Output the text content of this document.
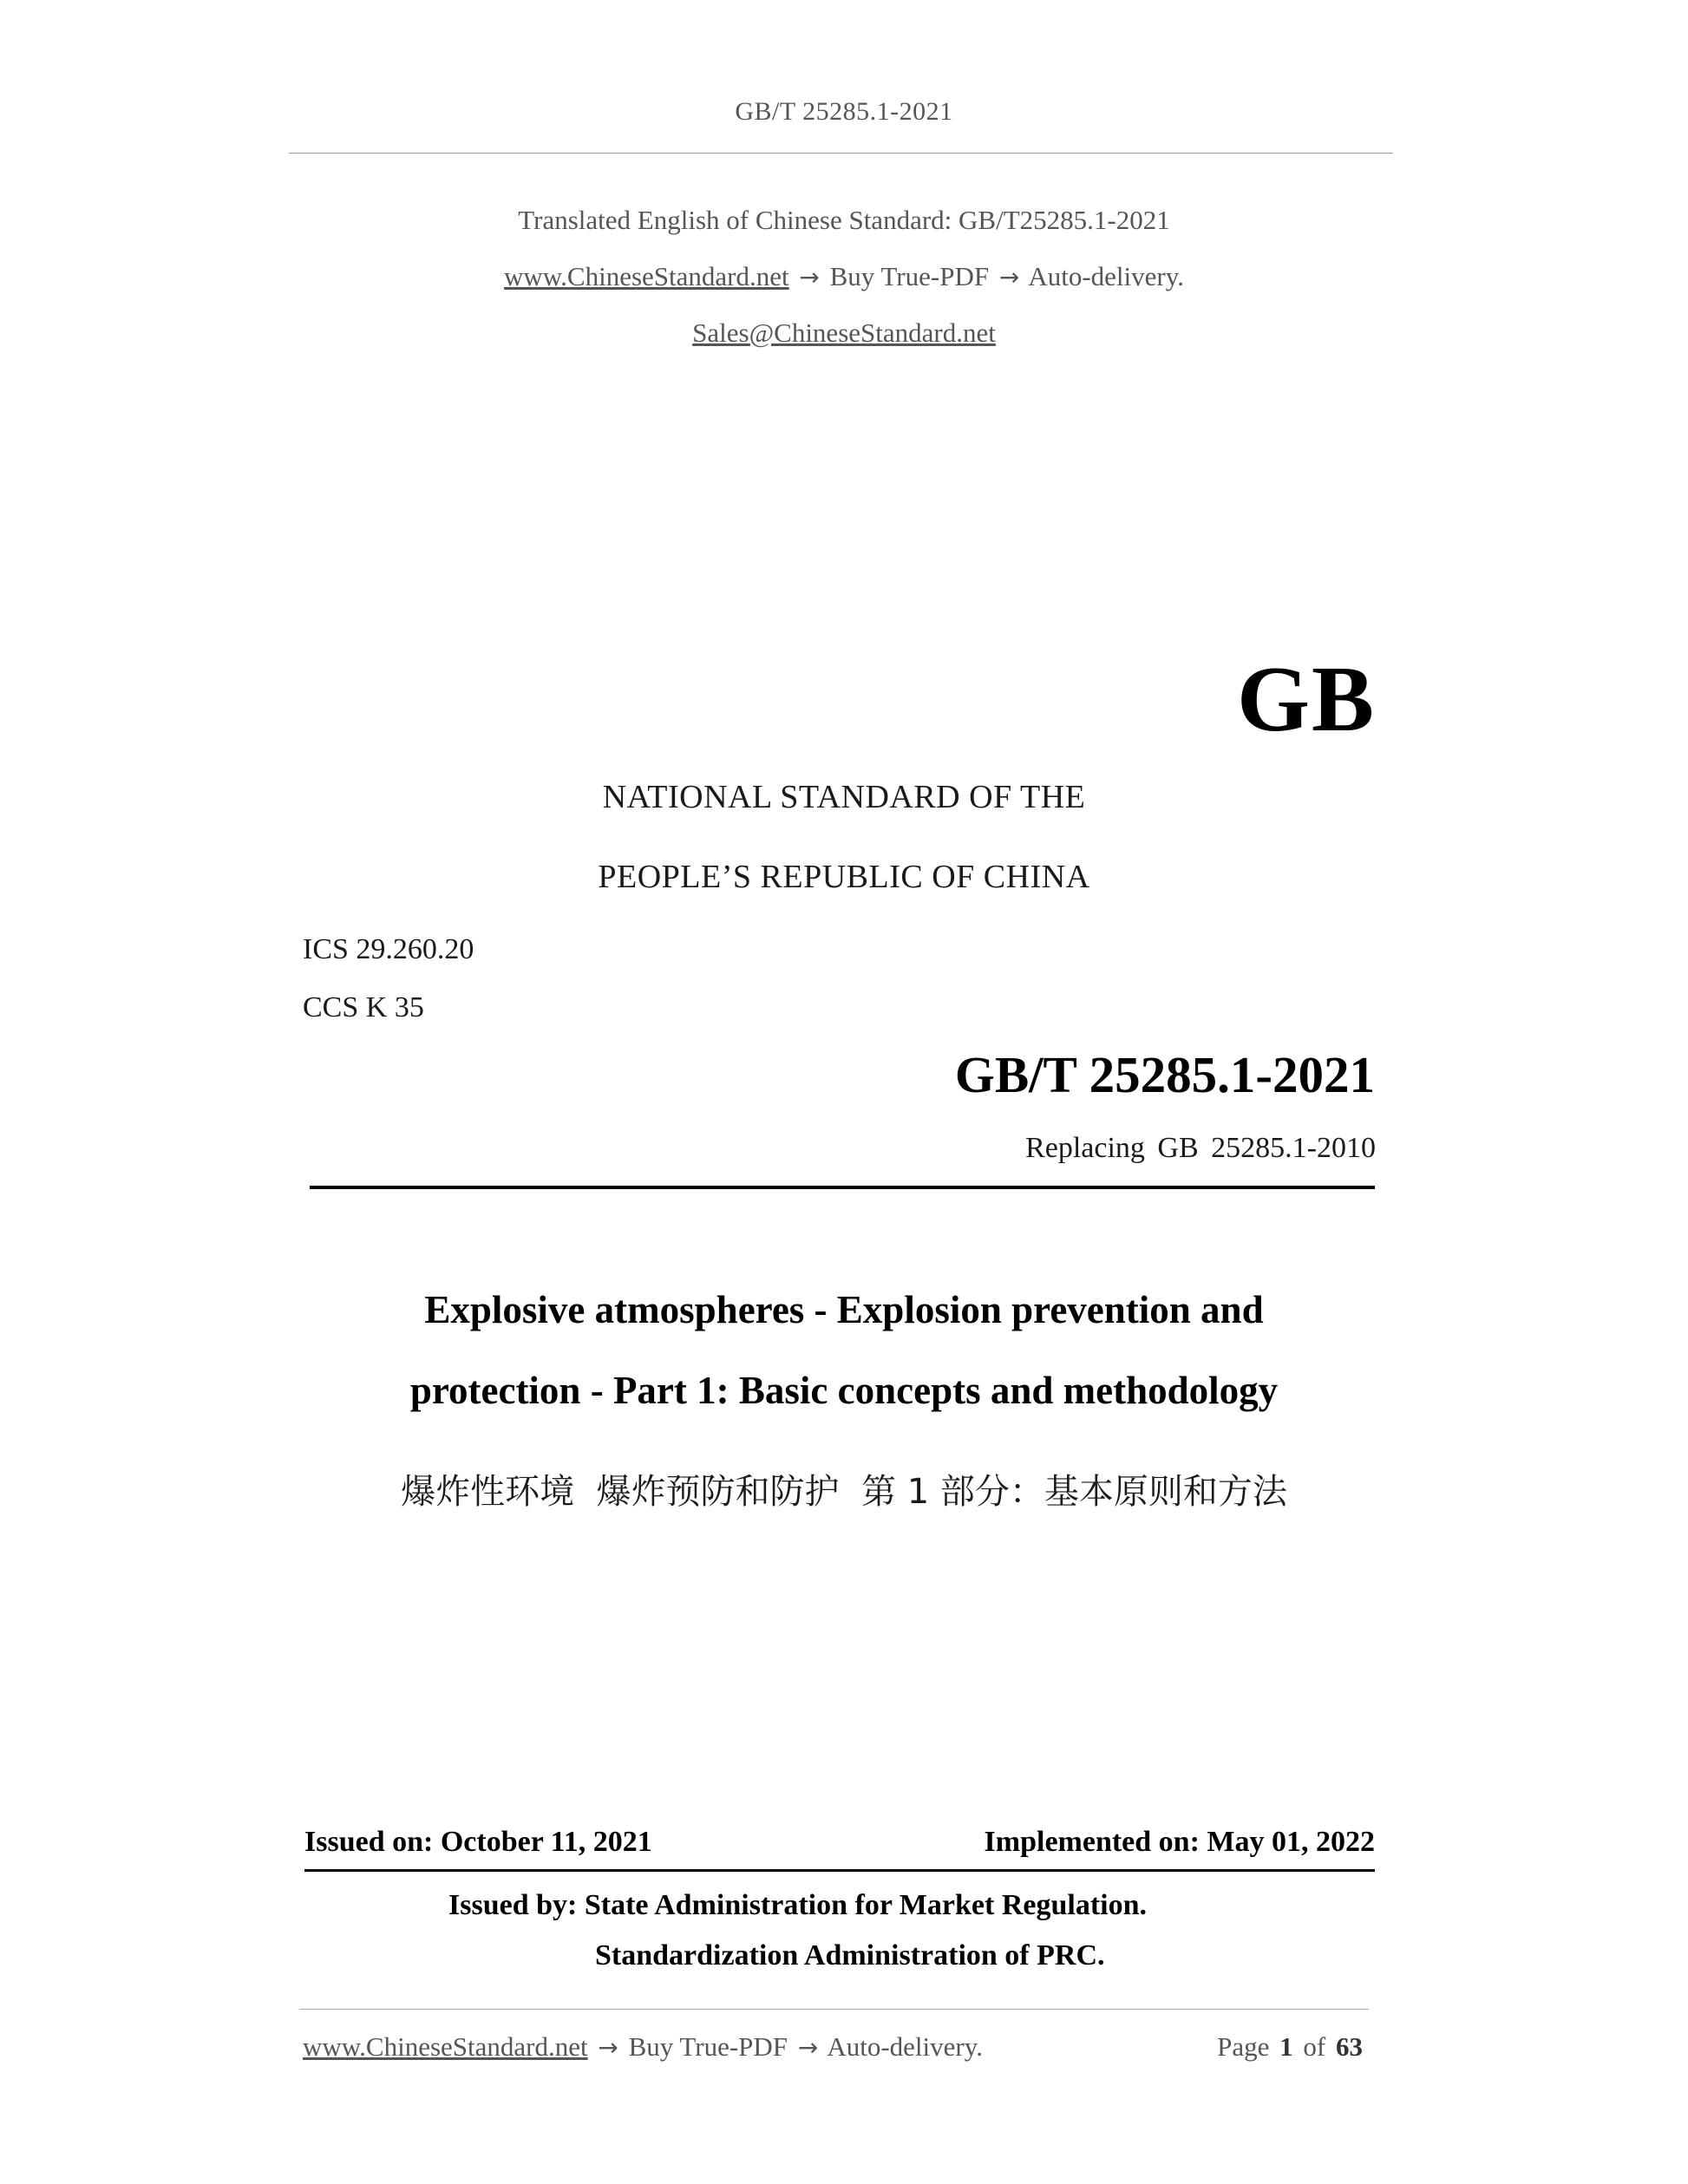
GB/T 25285.1-2021
Translated English of Chinese Standard: GB/T25285.1-2021
www.ChineseStandard.net → Buy True-PDF → Auto-delivery.
Sales@ChineseStandard.net
GB
NATIONAL STANDARD OF THE
PEOPLE’S REPUBLIC OF CHINA
ICS 29.260.20
CCS K 35
GB/T 25285.1-2021
Replacing GB 25285.1-2010
Explosive atmospheres - Explosion prevention and
protection - Part 1: Basic concepts and methodology
爆炸性环境  爆炸预防和防护  第 1 部分：基本原则和方法
Issued on: October 11, 2021	Implemented on: May 01, 2022
Issued by: State Administration for Market Regulation.
Standardization Administration of PRC.
www.ChineseStandard.net → Buy True-PDF → Auto-delivery.	Page 1 of 63
